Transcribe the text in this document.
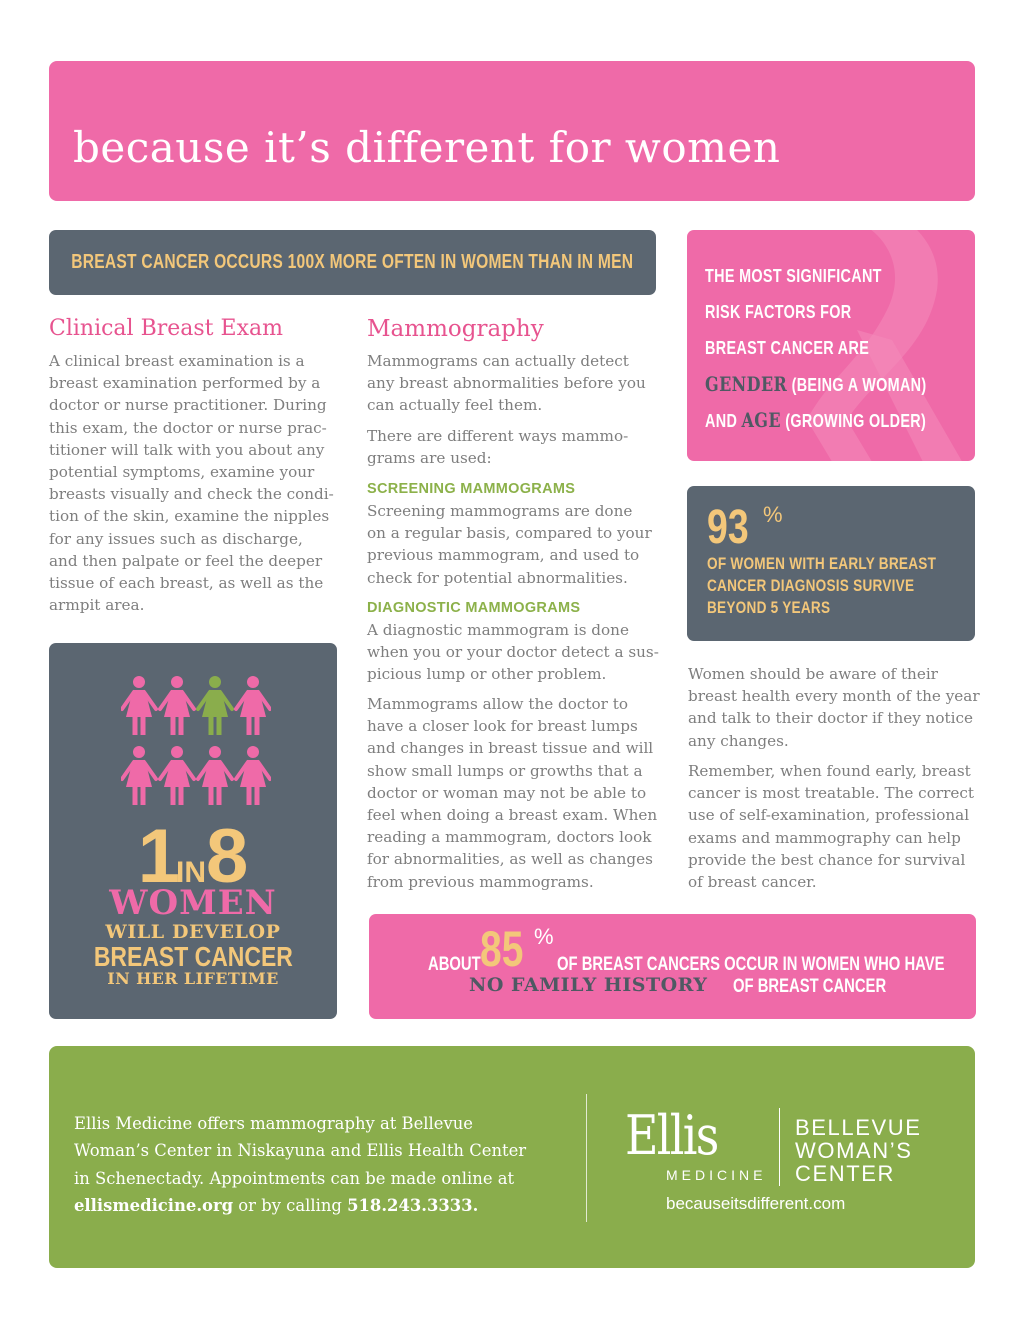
because it’s different for women
BREAST CANCER OCCURS 100X MORE OFTEN IN WOMEN THAN IN MEN
THE MOST SIGNIFICANT
RISK FACTORS FOR
BREAST CANCER ARE
GENDER (BEING A WOMAN)
AND AGE (GROWING OLDER)
Clinical Breast Exam
A clinical breast examination is a
breast examination performed by a
doctor or nurse practitioner. During
this exam, the doctor or nurse prac-
titioner will talk with you about any
potential symptoms, examine your
breasts visually and check the condi-
tion of the skin, examine the nipples
for any issues such as discharge,
and then palpate or feel the deeper
tissue of each breast, as well as the
armpit area.
Mammography
Mammograms can actually detect
any breast abnormalities before you
can actually feel them.
There are different ways mammo-
grams are used:
SCREENING MAMMOGRAMS
Screening mammograms are done
on a regular basis, compared to your
previous mammogram, and used to
check for potential abnormalities.
DIAGNOSTIC MAMMOGRAMS
A diagnostic mammogram is done
when you or your doctor detect a sus-
picious lump or other problem.
Mammograms allow the doctor to
have a closer look for breast lumps
and changes in breast tissue and will
show small lumps or growths that a
doctor or woman may not be able to
feel when doing a breast exam. When
reading a mammogram, doctors look
for abnormalities, as well as changes
from previous mammograms.
1IN8
WOMEN
WILL DEVELOP
BREAST CANCER
IN HER LIFETIME
93 %
OF WOMEN WITH EARLY BREAST
CANCER DIAGNOSIS SURVIVE
BEYOND 5 YEARS
Women should be aware of their
breast health every month of the year
and talk to their doctor if they notice
any changes.
Remember, when found early, breast
cancer is most treatable. The correct
use of self-examination, professional
exams and mammography can help
provide the best chance for survival
of breast cancer.
ABOUT 85 %
OF BREAST CANCERS OCCUR IN WOMEN WHO HAVE
NO FAMILY HISTORY OF BREAST CANCER
Ellis Medicine offers mammography at Bellevue
Woman’s Center in Niskayuna and Ellis Health Center
in Schenectady. Appointments can be made online at
ellismedicine.org or by calling 518.243.3333.
Ellis
MEDICINE
BELLEVUE
WOMAN’S
CENTER
becauseitsdifferent.com
